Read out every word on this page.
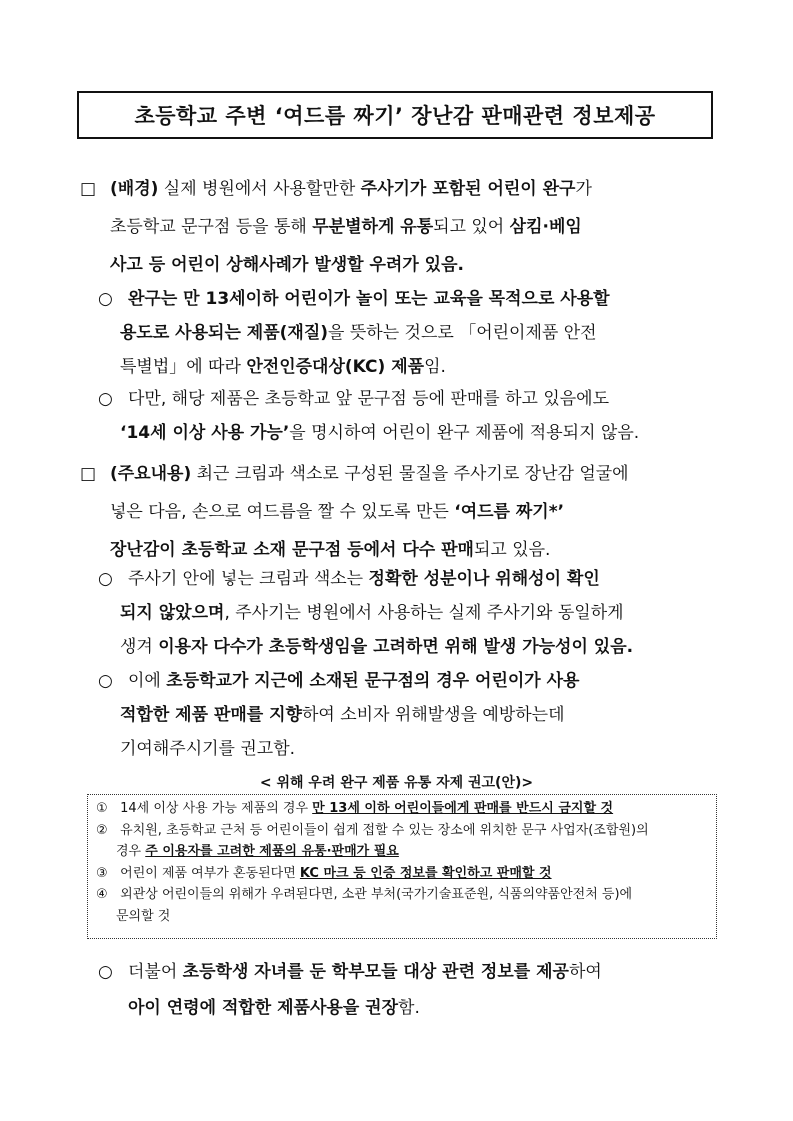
초등학교 주변 ‘여드름 짜기’ 장난감 판매관련 정보제공
□ (배경) 실제 병원에서 사용할만한 주사기가 포함된 어린이 완구가
초등학교 문구점 등을 통해 무분별하게 유통되고 있어 삼킴·베임
사고 등 어린이 상해사례가 발생할 우려가 있음.
○ 완구는 만 13세이하 어린이가 놀이 또는 교육을 목적으로 사용할
용도로 사용되는 제품(재질)을 뜻하는 것으로 「어린이제품 안전
특별법」에 따라 안전인증대상(KC) 제품임.
○ 다만, 해당 제품은 초등학교 앞 문구점 등에 판매를 하고 있음에도
‘14세 이상 사용 가능’을 명시하여 어린이 완구 제품에 적용되지 않음.
□ (주요내용) 최근 크림과 색소로 구성된 물질을 주사기로 장난감 얼굴에
넣은 다음, 손으로 여드름을 짤 수 있도록 만든 ‘여드름 짜기*’
장난감이 초등학교 소재 문구점 등에서 다수 판매되고 있음.
○ 주사기 안에 넣는 크림과 색소는 정확한 성분이나 위해성이 확인
되지 않았으며, 주사기는 병원에서 사용하는 실제 주사기와 동일하게
생겨 이용자 다수가 초등학생임을 고려하면 위해 발생 가능성이 있음.
○ 이에 초등학교가 지근에 소재된 문구점의 경우 어린이가 사용
적합한 제품 판매를 지향하여 소비자 위해발생을 예방하는데
기여해주시기를 권고함.
< 위해 우려 완구 제품 유통 자제 권고(안)>
① 14세 이상 사용 가능 제품의 경우 만 13세 이하 어린이들에게 판매를 반드시 금지할 것
② 유치원, 초등학교 근처 등 어린이들이 쉽게 접할 수 있는 장소에 위치한 문구 사업자(조합원)의
경우 주 이용자를 고려한 제품의 유통·판매가 필요
③ 어린이 제품 여부가 혼동된다면 KC 마크 등 인증 정보를 확인하고 판매할 것
④ 외관상 어린이들의 위해가 우려된다면, 소관 부처(국가기술표준원, 식품의약품안전처 등)에
문의할 것
○ 더불어 초등학생 자녀를 둔 학부모들 대상 관련 정보를 제공하여
아이 연령에 적합한 제품사용을 권장함.
